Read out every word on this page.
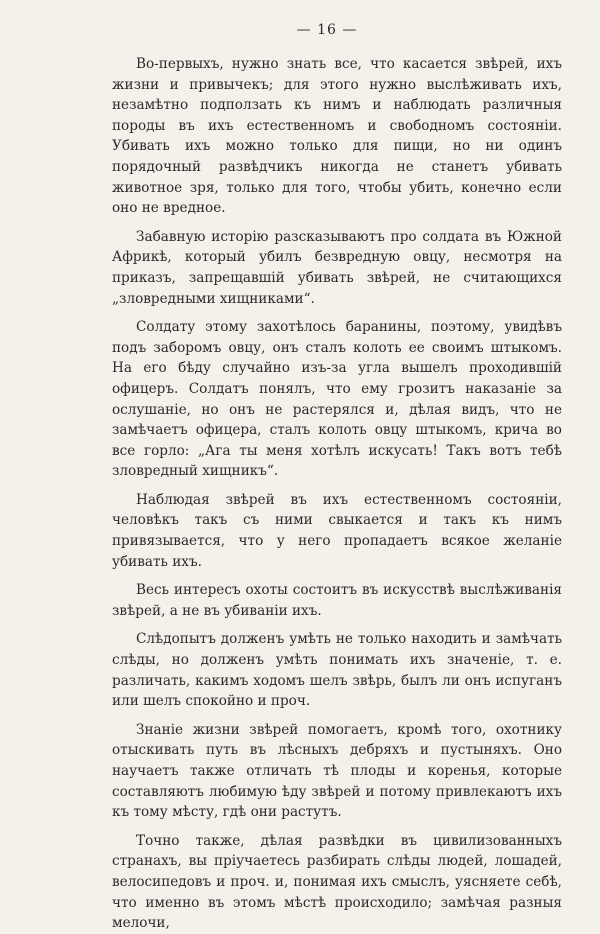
— 16 —

Во-первыхъ, нужно знать все, что касается звѣрей, ихъ жизни и привычекъ; для этого нужно выслѣживать ихъ, незамѣтно подползать къ нимъ и наблюдать различныя породы въ ихъ естественномъ и свободномъ состояніи. Убивать ихъ можно только для пищи, но ни одинъ порядочный развѣдчикъ никогда не станетъ убивать животное зря, только для того, чтобы убить, конечно если оно не вредное.

Забавную исторію разсказываютъ про солдата въ Южной Африкѣ, который убилъ безвредную овцу, несмотря на приказъ, запрещавшій убивать звѣрей, не считающихся „зловредными хищниками“.

Солдату этому захотѣлось баранины, поэтому, увидѣвъ подъ заборомъ овцу, онъ сталъ колоть ее своимъ штыкомъ. На его бѣду случайно изъ-за угла вышелъ проходившій офицеръ. Солдатъ понялъ, что ему грозитъ наказаніе за ослушаніе, но онъ не растерялся и, дѣлая видъ, что не замѣчаетъ офицера, сталъ колоть овцу штыкомъ, крича во все горло: „Ага ты меня хотѣлъ искусать! Такъ вотъ тебѣ зловредный хищникъ“.

Наблюдая звѣрей въ ихъ естественномъ состояніи, человѣкъ такъ съ ними свыкается и такъ къ нимъ привязывается, что у него пропадаетъ всякое желаніе убивать ихъ.

Весь интересъ охоты состоитъ въ искусствѣ выслѣживанія звѣрей, а не въ убиваніи ихъ.

Слѣдопытъ долженъ умѣть не только находить и замѣчать слѣды, но долженъ умѣть понимать ихъ значеніе, т. е. различать, какимъ ходомъ шелъ звѣрь, былъ ли онъ испуганъ или шелъ спокойно и проч.

Знаніе жизни звѣрей помогаетъ, кромѣ того, охотнику отыскивать путь въ лѣсныхъ дебряхъ и пустыняхъ. Оно научаетъ также отличать тѣ плоды и коренья, которые составляютъ любимую ѣду звѣрей и потому привлекаютъ ихъ къ тому мѣсту, гдѣ они растутъ.

Точно также, дѣлая развѣдки въ цивилизованныхъ странахъ, вы пріучаетесь разбирать слѣды людей, лошадей, велосипедовъ и проч. и, понимая ихъ смыслъ, уясняете себѣ, что именно въ этомъ мѣстѣ происходило; замѣчая разныя мелочи,
